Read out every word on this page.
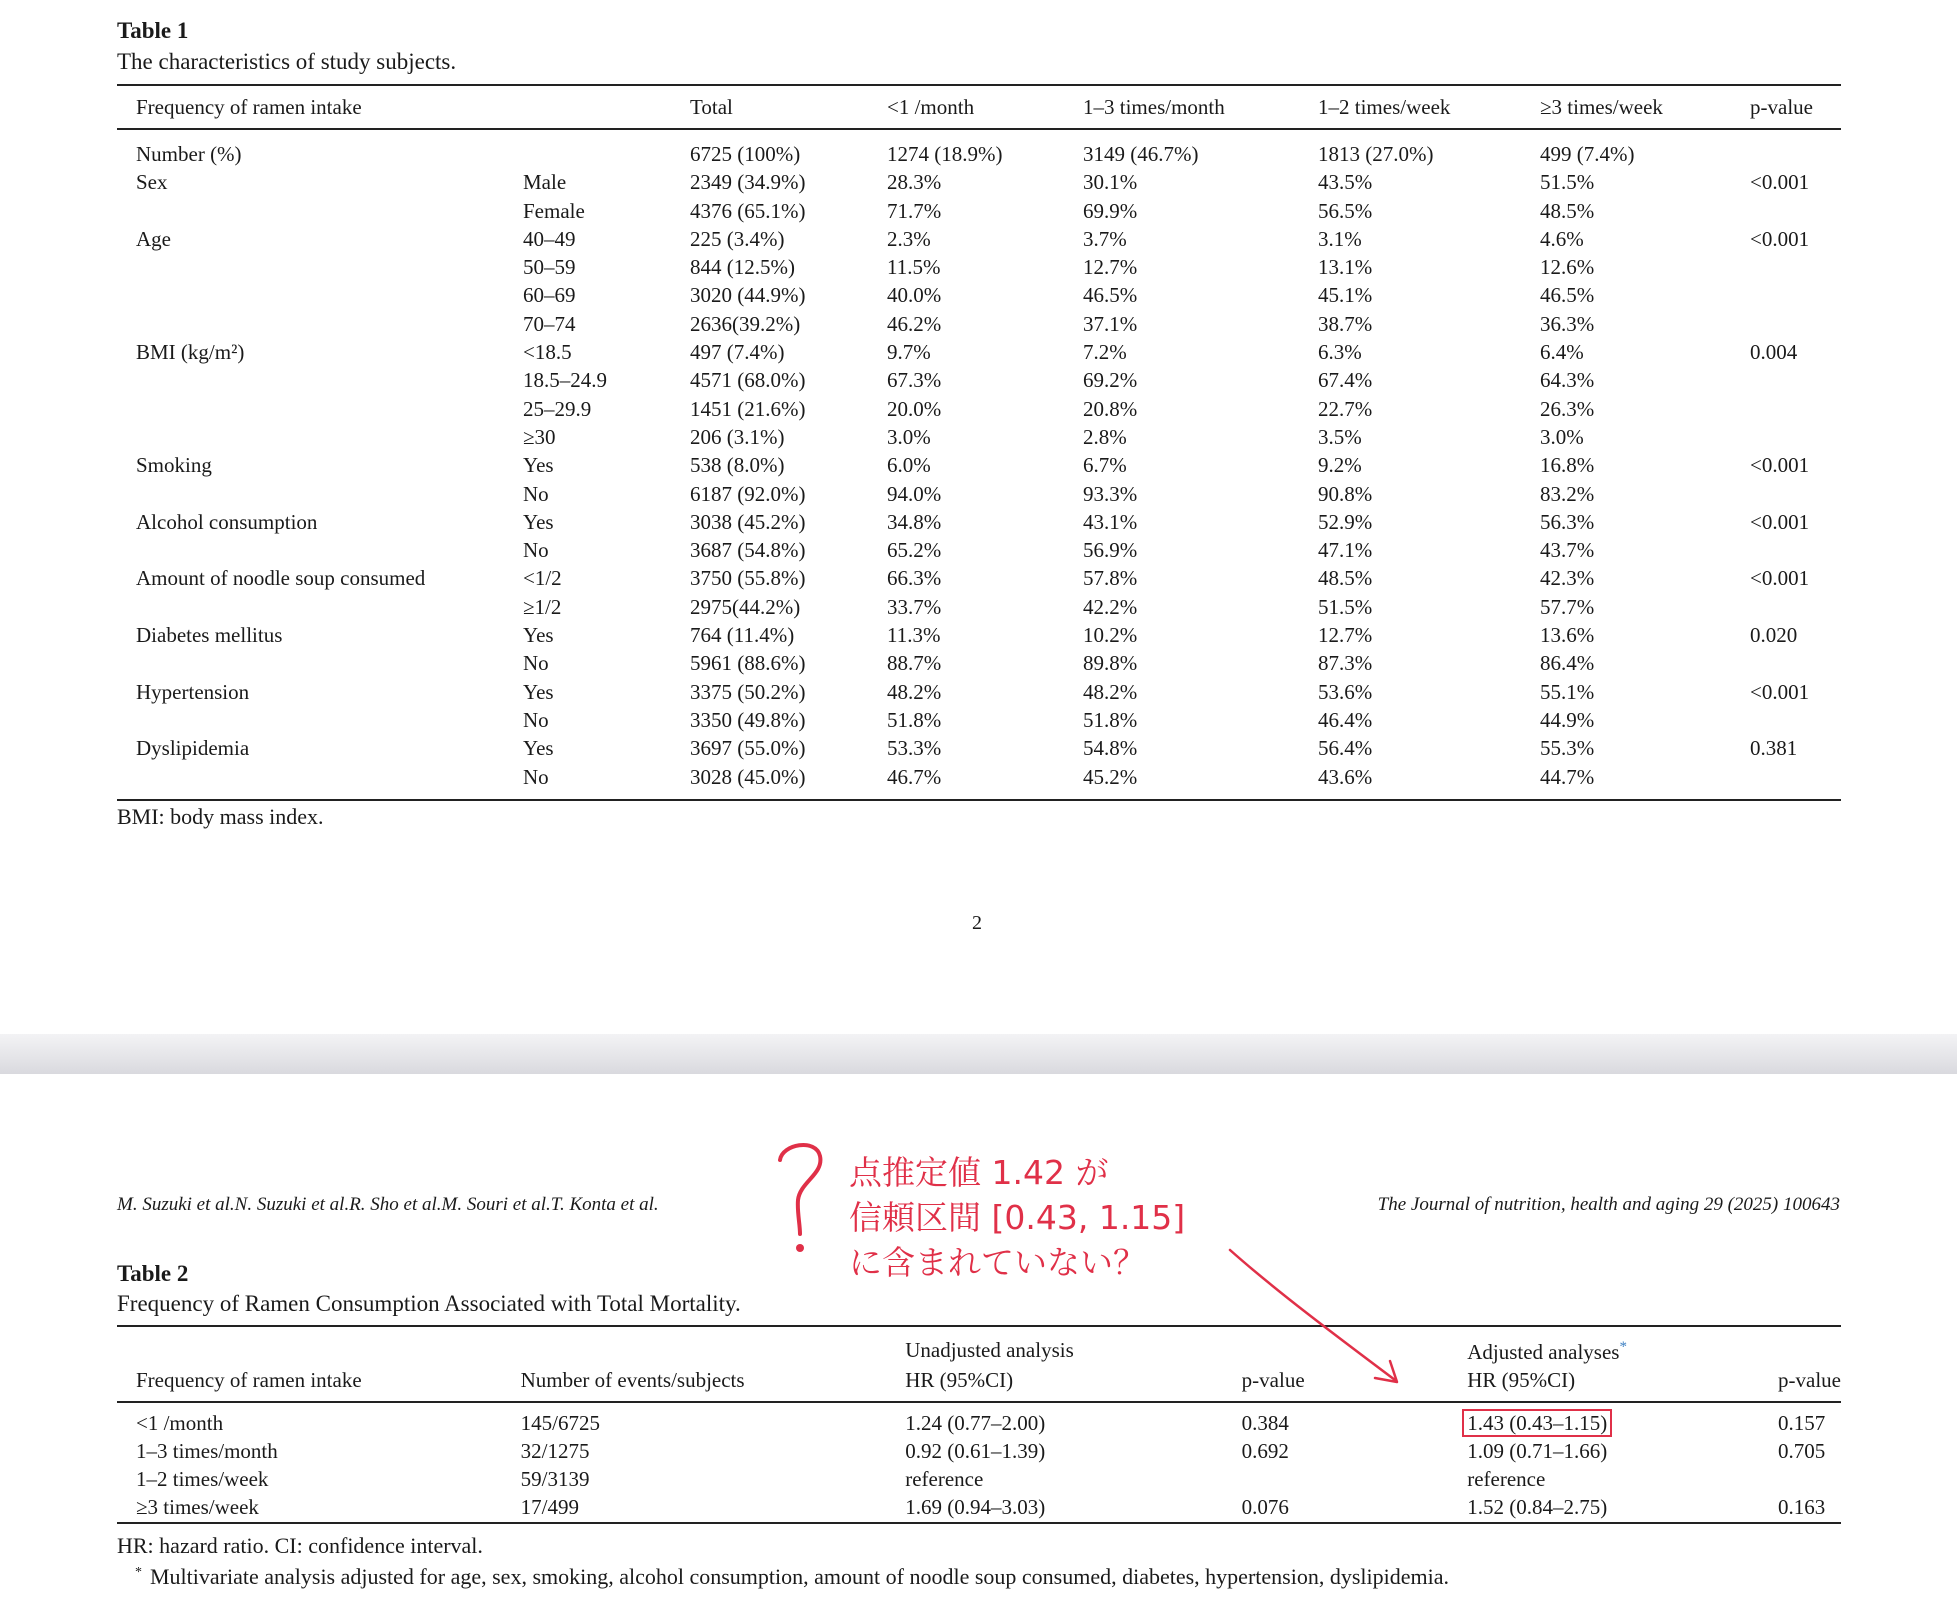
Table 1
The characteristics of study subjects.
Frequency of ramen intake		Total	<1 /month	1–3 times/month	1–2 times/week	≥3 times/week	p-value
Number (%)		6725 (100%)	1274 (18.9%)	3149 (46.7%)	1813 (27.0%)	499 (7.4%)	
Sex	Male	2349 (34.9%)	28.3%	30.1%	43.5%	51.5%	<0.001
	Female	4376 (65.1%)	71.7%	69.9%	56.5%	48.5%	
Age	40–49	225 (3.4%)	2.3%	3.7%	3.1%	4.6%	<0.001
	50–59	844 (12.5%)	11.5%	12.7%	13.1%	12.6%	
	60–69	3020 (44.9%)	40.0%	46.5%	45.1%	46.5%	
	70–74	2636(39.2%)	46.2%	37.1%	38.7%	36.3%	
BMI (kg/m²)	<18.5	497 (7.4%)	9.7%	7.2%	6.3%	6.4%	0.004
	18.5–24.9	4571 (68.0%)	67.3%	69.2%	67.4%	64.3%	
	25–29.9	1451 (21.6%)	20.0%	20.8%	22.7%	26.3%	
	≥30	206 (3.1%)	3.0%	2.8%	3.5%	3.0%	
Smoking	Yes	538 (8.0%)	6.0%	6.7%	9.2%	16.8%	<0.001
	No	6187 (92.0%)	94.0%	93.3%	90.8%	83.2%	
Alcohol consumption	Yes	3038 (45.2%)	34.8%	43.1%	52.9%	56.3%	<0.001
	No	3687 (54.8%)	65.2%	56.9%	47.1%	43.7%	
Amount of noodle soup consumed	<1/2	3750 (55.8%)	66.3%	57.8%	48.5%	42.3%	<0.001
	≥1/2	2975(44.2%)	33.7%	42.2%	51.5%	57.7%	
Diabetes mellitus	Yes	764 (11.4%)	11.3%	10.2%	12.7%	13.6%	0.020
	No	5961 (88.6%)	88.7%	89.8%	87.3%	86.4%	
Hypertension	Yes	3375 (50.2%)	48.2%	48.2%	53.6%	55.1%	<0.001
	No	3350 (49.8%)	51.8%	51.8%	46.4%	44.9%	
Dyslipidemia	Yes	3697 (55.0%)	53.3%	54.8%	56.4%	55.3%	0.381
	No	3028 (45.0%)	46.7%	45.2%	43.6%	44.7%	
BMI: body mass index.
2
M. Suzuki et al.N. Suzuki et al.R. Sho et al.M. Souri et al.T. Konta et al.	The Journal of nutrition, health and aging 29 (2025) 100643
Table 2
Frequency of Ramen Consumption Associated with Total Mortality.
		Unadjusted analysis		Adjusted analyses*	
Frequency of ramen intake	Number of events/subjects	HR (95%CI)	p-value	HR (95%CI)	p-value
<1 /month	145/6725	1.24 (0.77–2.00)	0.384	1.43 (0.43–1.15)	0.157
1–3 times/month	32/1275	0.92 (0.61–1.39)	0.692	1.09 (0.71–1.66)	0.705
1–2 times/week	59/3139	reference		reference	
≥3 times/week	17/499	1.69 (0.94–3.03)	0.076	1.52 (0.84–2.75)	0.163
HR: hazard ratio. CI: confidence interval.
* Multivariate analysis adjusted for age, sex, smoking, alcohol consumption, amount of noodle soup consumed, diabetes, hypertension, dyslipidemia.
点推定値 1.42 が
信頼区間 [0.43, 1.15]
に含まれていない？
